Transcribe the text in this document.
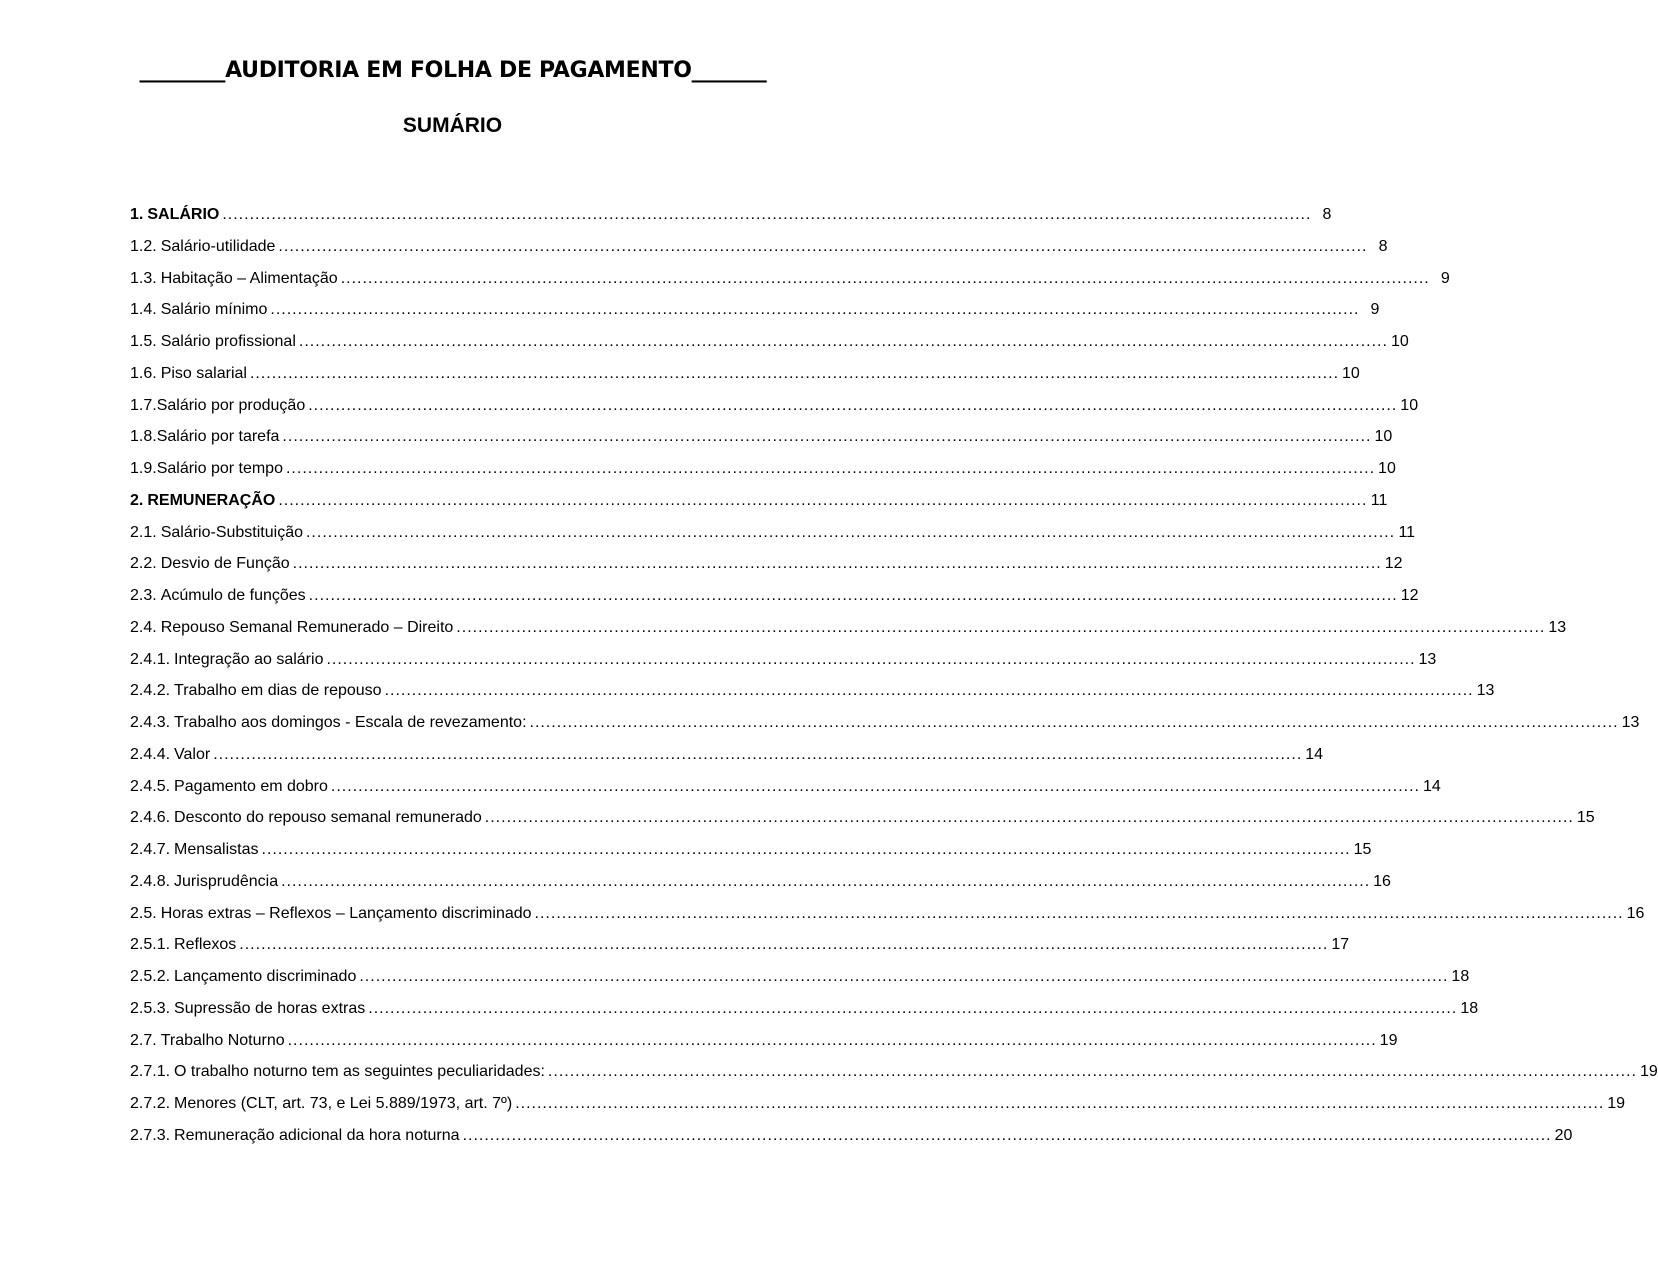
________AUDITORIA EM FOLHA DE PAGAMENTO_______
SUMÁRIO
1. SALÁRIO ........................................................................................................................................................................................................ 8
1.2. Salário-utilidade ........................................................................................................................................................................................................ 8
1.3. Habitação – Alimentação ........................................................................................................................................................................................................ 9
1.4. Salário mínimo ........................................................................................................................................................................................................ 9
1.5. Salário profissional ........................................................................................................................................................................................................ 10
1.6. Piso salarial ........................................................................................................................................................................................................ 10
1.7. Salário por produção ........................................................................................................................................................................................................ 10
1.8. Salário por tarefa ........................................................................................................................................................................................................ 10
1.9. Salário por tempo ........................................................................................................................................................................................................ 10
2. REMUNERAÇÃO ........................................................................................................................................................................................................ 11
2.1. Salário-Substituição ........................................................................................................................................................................................................ 11
2.2. Desvio de Função ........................................................................................................................................................................................................ 12
2.3. Acúmulo de funções ........................................................................................................................................................................................................ 12
2.4. Repouso Semanal Remunerado – Direito ........................................................................................................................................................................................................ 13
2.4.1. Integração ao salário ........................................................................................................................................................................................................ 13
2.4.2. Trabalho em dias de repouso ........................................................................................................................................................................................................ 13
2.4.3. Trabalho aos domingos - Escala de revezamento: ........................................................................................................................................................................................................ 13
2.4.4. Valor ........................................................................................................................................................................................................ 14
2.4.5. Pagamento em dobro ........................................................................................................................................................................................................ 14
2.4.6. Desconto do repouso semanal remunerado ........................................................................................................................................................................................................ 15
2.4.7. Mensalistas ........................................................................................................................................................................................................ 15
2.4.8. Jurisprudência ........................................................................................................................................................................................................ 16
2.5. Horas extras – Reflexos – Lançamento discriminado ........................................................................................................................................................................................................ 16
2.5.1. Reflexos ........................................................................................................................................................................................................ 17
2.5.2. Lançamento discriminado ........................................................................................................................................................................................................ 18
2.5.3. Supressão de horas extras ........................................................................................................................................................................................................ 18
2.7. Trabalho Noturno ........................................................................................................................................................................................................ 19
2.7.1. O trabalho noturno tem as seguintes peculiaridades: ........................................................................................................................................................................................................ 19
2.7.2. Menores (CLT, art. 73, e Lei 5.889/1973, art. 7º) ........................................................................................................................................................................................................ 19
2.7.3. Remuneração adicional da hora noturna ........................................................................................................................................................................................................ 20
